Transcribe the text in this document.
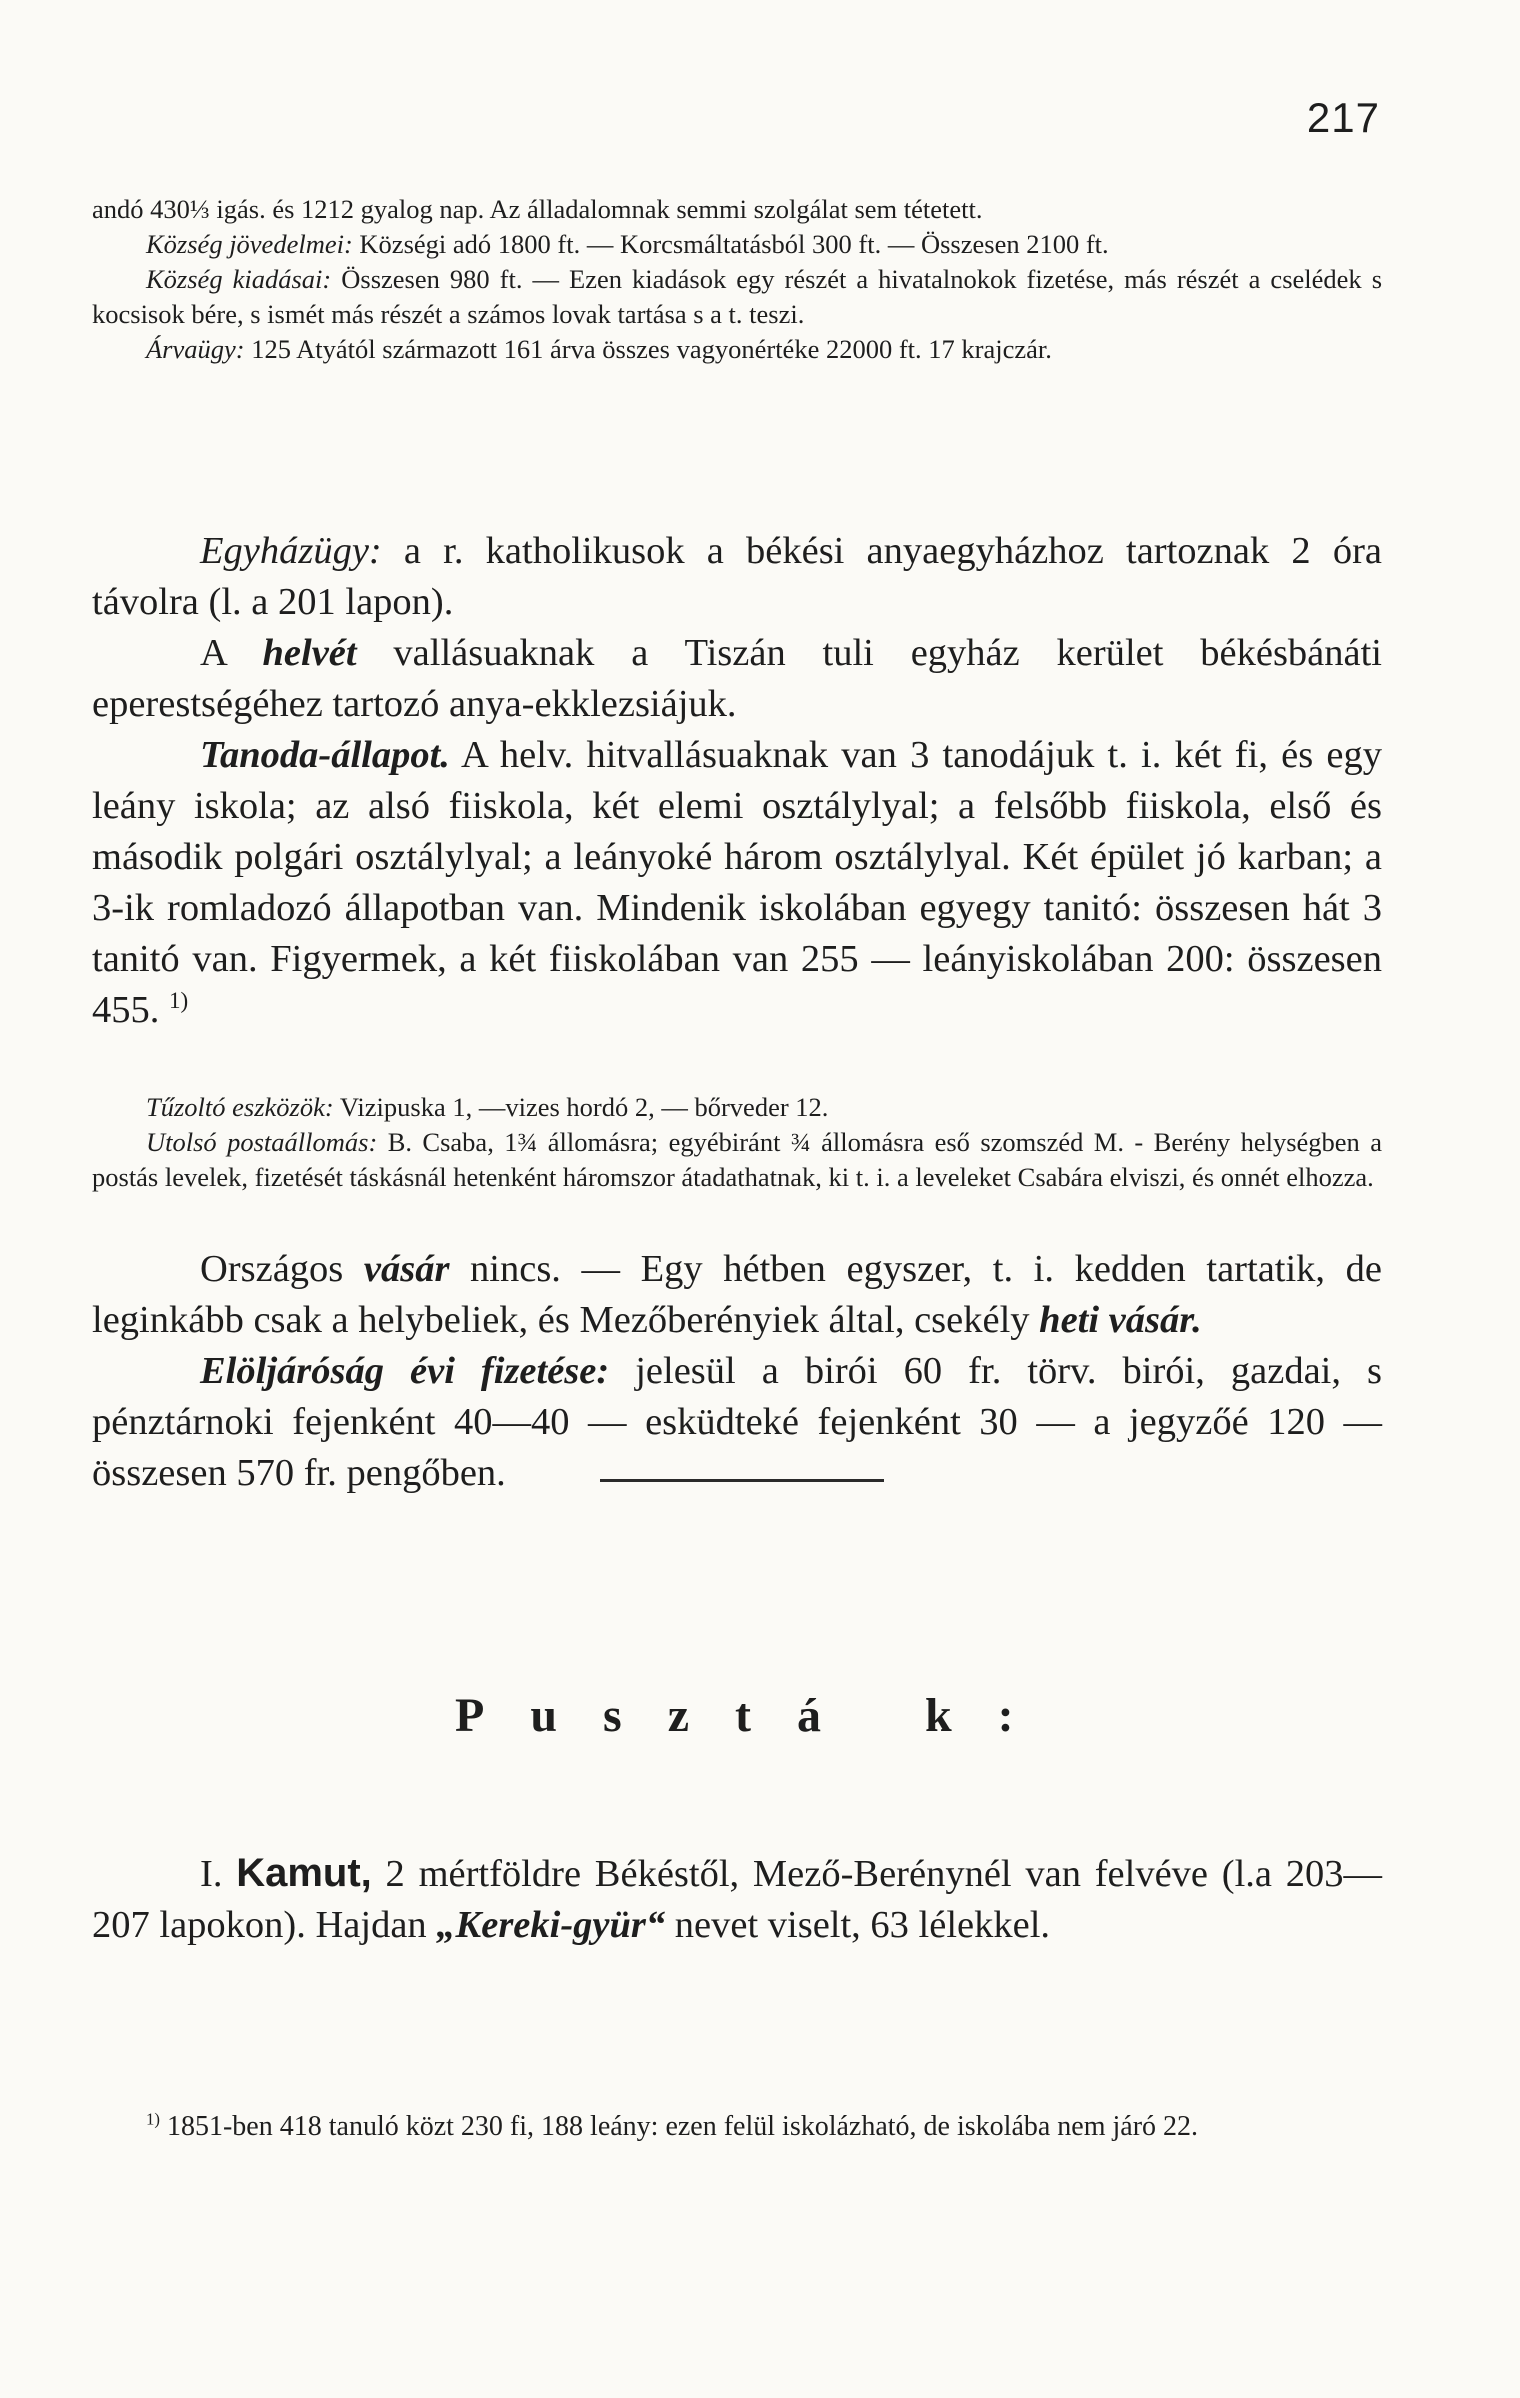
217

andó 430⅓ igás. és 1212 gyalog nap. Az álladalomnak semmi szolgálat sem tétetett.

Község jövedelmei: Községi adó 1800 ft. — Korcsmáltatásból 300 ft. — Összesen 2100 ft.

Község kiadásai: Összesen 980 ft. — Ezen kiadások egy részét a hivatalnokok fizetése, más részét a cselédek s kocsisok bére, s ismét más részét a számos lovak tartása s a t. teszi.

Árvaügy: 125 Atyától származott 161 árva összes vagyonértéke 22000 ft. 17 krajczár.

Egyházügy: a r. katholikusok a békési anyaegyházhoz tartoznak 2 óra távolra (l. a 201 lapon).

A helvét vallásuaknak a Tiszán tuli egyház kerület békésbánáti eperestségéhez tartozó anya-ekklezsiájuk.

Tanoda-állapot. A helv. hitvallásuaknak van 3 tanodájuk t. i. két fi, és egy leány iskola; az alsó fiiskola, két elemi osztálylyal; a felsőbb fiiskola, első és második polgári osztálylyal; a leányoké három osztálylyal. Két épület jó karban; a 3-ik romladozó állapotban van. Mindenik iskolában egyegy tanitó: összesen hát 3 tanitó van. Figyermek, a két fiiskolában van 255 — leányiskolában 200: összesen 455. $^{1)}$

Tűzoltó eszközök: Vizipuska 1, —vizes hordó 2, — bőrveder 12.

Utolsó postaállomás: B. Csaba, 1¾ állomásra; egyébiránt ¾ állomásra eső szomszéd M. - Berény helységben a postás levelek, fizetését táskásnál hetenként háromszor átadathatnak, ki t. i. a leveleket Csabára elviszi, és onnét elhozza.

Országos vásár nincs. — Egy hétben egyszer, t. i. kedden tartatik, de leginkább csak a helybeliek, és Mezőberényiek által, csekély heti vásár.

Elöljáróság évi fizetése: jelesül a birói 60 fr. törv. birói, gazdai, s pénztárnoki fejenként 40—40 — esküdteké fejenként 30 — a jegyzőé 120 — összesen 570 fr. pengőben.

Pusztá k:

I. Kamut, 2 mértföldre Békéstől, Mező-Berénynél van felvéve (l.a 203—207 lapokon). Hajdan „Kereki-gyür“ nevet viselt, 63 lélekkel.

$^{1)}$ 1851-ben 418 tanuló közt 230 fi, 188 leány: ezen felül iskolázható, de iskolába nem járó 22.
